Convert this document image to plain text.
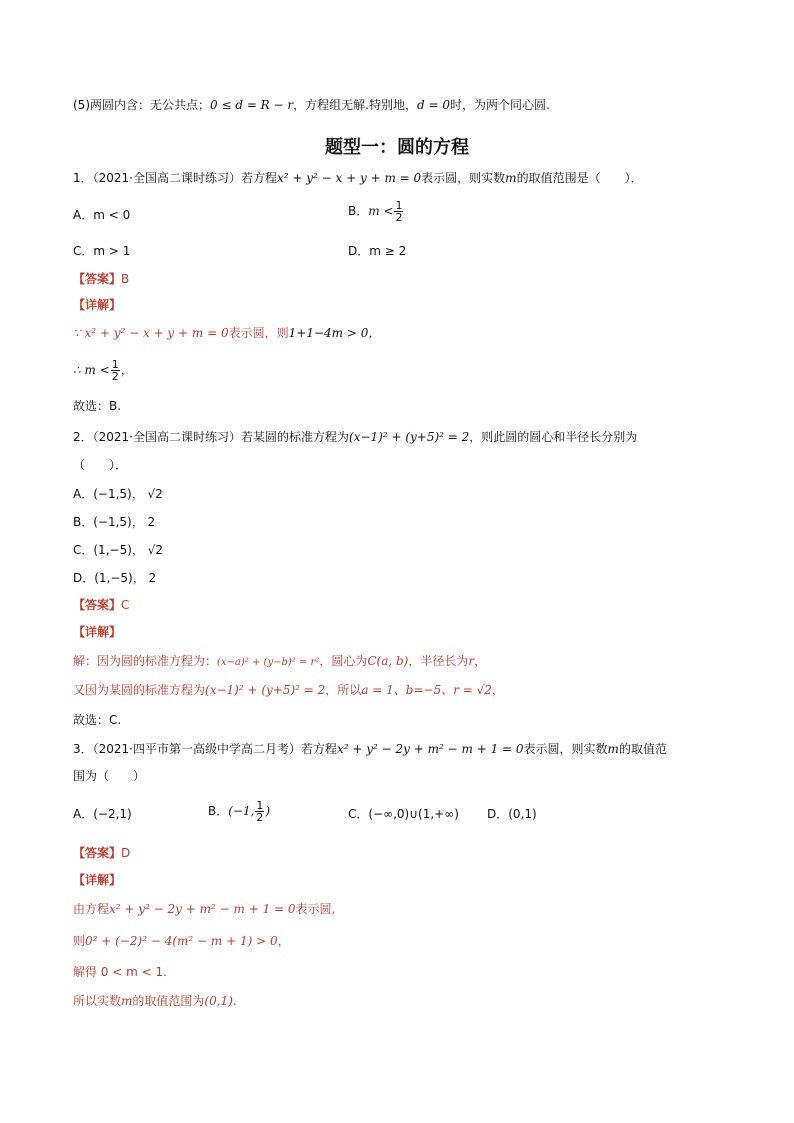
(5)两圆内含：无公共点；0 ≤ d = R − r，方程组无解.特别地，d = 0时，为两个同心圆.
题型一：圆的方程
1．（2021·全国高二课时练习）若方程x² + y² − x + y + m = 0表示圆，则实数m的取值范围是（　　）．
A．m < 0	B．$m < \frac{1}{2}$
C．m > 1	D．m ≥ 2
【答案】B
【详解】
∵ x² + y² − x + y + m = 0表示圆，则1+1−4m > 0，
∴ $m < \frac{1}{2}$ ，
故选：B.
2．（2021·全国高二课时练习）若某圆的标准方程为(x−1)² + (y+5)² = 2，则此圆的圆心和半径长分别为
（　　）．
A．(−1,5)， √2
B．(−1,5)， 2
C．(1,−5)， √2
D．(1,−5)， 2
【答案】C
【详解】
解：因为圆的标准方程为：(x−a)² + (y−b)² = r²，圆心为C(a, b)，半径长为r，
又因为某圆的标准方程为(x−1)² + (y+5)² = 2，所以a = 1、b=−5、r = √2，
故选：C.
3．（2021·四平市第一高级中学高二月考）若方程x² + y² − 2y + m² − m + 1 = 0表示圆，则实数m的取值范
围为（　　）
A．(−2,1)	B．(−1, $\frac{1}{2}$ )	C．(−∞,0)∪(1,+∞) D．(0,1)
【答案】D
【详解】
由方程x² + y² − 2y + m² − m + 1 = 0表示圆,
则0² + (−2)² − 4(m² − m + 1) > 0，
解得 0 < m < 1.
所以实数m的取值范围为(0,1).
